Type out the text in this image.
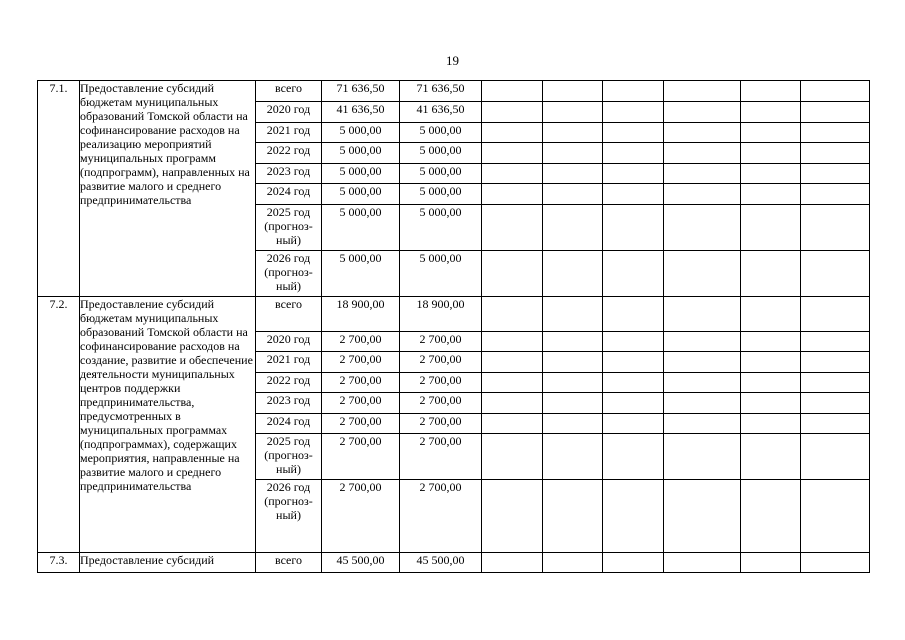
19
7.1.	Предоставление субсидий бюджетам муниципальных образований Томской области на софинансирование расходов на реализацию мероприятий муниципальных программ (подпрограмм), направленных на развитие малого и среднего предпринимательства	всего	71 636,50	71 636,50						
		2020 год	41 636,50	41 636,50						
		2021 год	5 000,00	5 000,00						
		2022 год	5 000,00	5 000,00						
		2023 год	5 000,00	5 000,00						
		2024 год	5 000,00	5 000,00						
		2025 год (прогноз-ный)	5 000,00	5 000,00						
		2026 год (прогноз-ный)	5 000,00	5 000,00						
7.2.	Предоставление субсидий бюджетам муниципальных образований Томской области на софинансирование расходов на создание, развитие и обеспечение деятельности муниципальных центров поддержки предпринимательства, предусмотренных в муниципальных программах (подпрограммах), содержащих мероприятия, направленные на развитие малого и среднего предпринимательства	всего	18 900,00	18 900,00						
		2020 год	2 700,00	2 700,00						
		2021 год	2 700,00	2 700,00						
		2022 год	2 700,00	2 700,00						
		2023 год	2 700,00	2 700,00						
		2024 год	2 700,00	2 700,00						
		2025 год (прогноз-ный)	2 700,00	2 700,00						
		2026 год (прогноз-ный)	2 700,00	2 700,00						
7.3.	Предоставление субсидий	всего	45 500,00	45 500,00						
